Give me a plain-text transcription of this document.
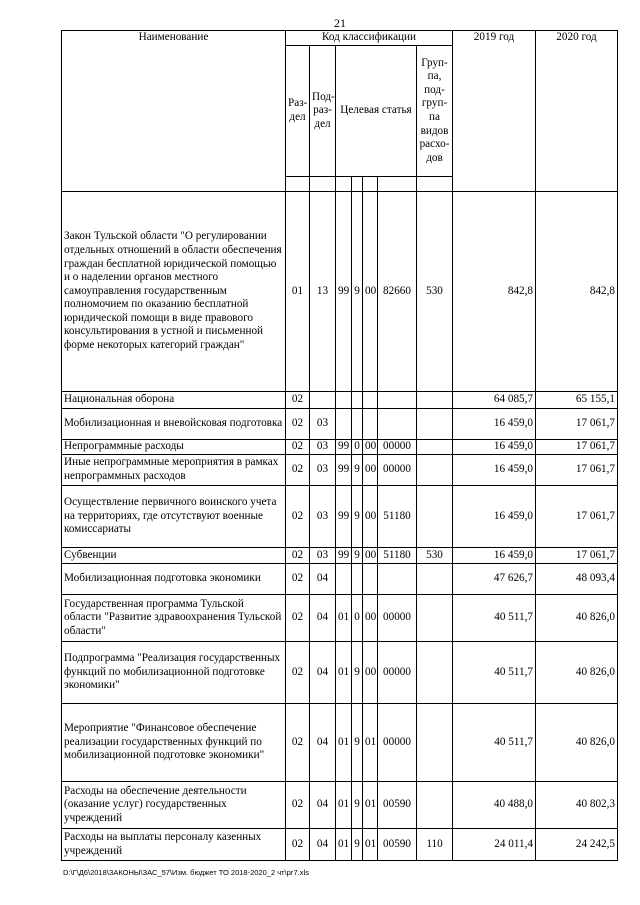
21
Наименование	Код классификации							2019 год	2020 год
	Раз-дел	Под-раз-дел	Целевая статья				Груп-па, под-груп-па видов расхо-дов		

Закон Тульской области "О регулировании отдельных отношений в области обеспечения граждан бесплатной юридической помощью и о наделении органов местного самоуправления государственным полномочием по оказанию бесплатной юридической помощи в виде правового консультирования в устной и письменной форме некоторых категорий граждан"	01	13	99	9	00	82660	530	842,8	842,8
Национальная оборона	02							64 085,7	65 155,1
Мобилизационная и вневойсковая подготовка	02	03						16 459,0	17 061,7
Непрограммные расходы	02	03	99	0	00	00000		16 459,0	17 061,7
Иные непрограммные мероприятия в рамках непрограммных расходов	02	03	99	9	00	00000		16 459,0	17 061,7
Осуществление первичного воинского учета на территориях, где отсутствуют военные комиссариаты	02	03	99	9	00	51180		16 459,0	17 061,7
Субвенции	02	03	99	9	00	51180	530	16 459,0	17 061,7
Мобилизационная подготовка экономики	02	04						47 626,7	48 093,4
Государственная программа Тульской области "Развитие здравоохранения Тульской области"	02	04	01	0	00	00000		40 511,7	40 826,0
Подпрограмма "Реализация государственных функций по мобилизационной подготовке экономики"	02	04	01	9	00	00000		40 511,7	40 826,0
Мероприятие "Финансовое обеспечение реализации государственных функций по мобилизационной подготовке экономики"	02	04	01	9	01	00000		40 511,7	40 826,0
Расходы на обеспечение деятельности (оказание услуг) государственных учреждений	02	04	01	9	01	00590		40 488,0	40 802,3
Расходы на выплаты персоналу казенных учреждений	02	04	01	9	01	00590	110	24 011,4	24 242,5
D:\Г\Д6\2018\ЗАКОНЫ\ЗАС_57\Изм. бюджет ТО 2018-2020_2 чт\рг7.xls
